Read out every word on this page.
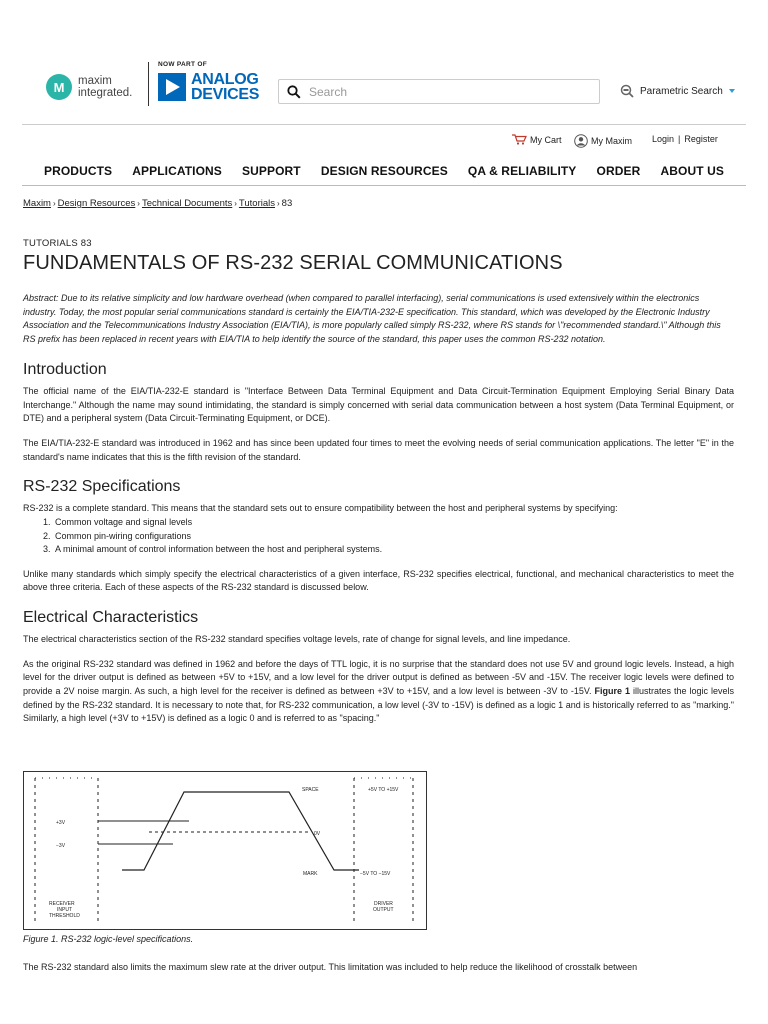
M	maxim
integrated.
NOW PART OF
ANALOG
DEVICES
Search	Parametric Search
My Cart	My Maxim Login | Register
PRODUCTS APPLICATIONS SUPPORT DESIGN RESOURCES QA & RELIABILITY ORDER ABOUT US
Maxim › Design Resources › Technical Documents › Tutorials › 83
TUTORIALS 83
FUNDAMENTALS OF RS-232 SERIAL COMMUNICATIONS
Abstract: Due to its relative simplicity and low hardware overhead (when compared to parallel interfacing), serial communications is used extensively within the electronics industry. Today, the most popular serial communications standard is certainly the EIA/TIA-232-E specification. This standard, which was developed by the Electronic Industry Association and the Telecommunications Industry Association (EIA/TIA), is more popularly called simply RS-232, where RS stands for \"recommended standard.\" Although this RS prefix has been replaced in recent years with EIA/TIA to help identify the source of the standard, this paper uses the common RS-232 notation.
Introduction

The official name of the EIA/TIA-232-E standard is "Interface Between Data Terminal Equipment and Data Circuit-Termination Equipment Employing Serial Binary Data Interchange." Although the name may sound intimidating, the standard is simply concerned with serial data communication between a host system (Data Terminal Equipment, or DTE) and a peripheral system (Data Circuit-Terminating Equipment, or DCE).

The EIA/TIA-232-E standard was introduced in 1962 and has since been updated four times to meet the evolving needs of serial communication applications. The letter "E" in the standard's name indicates that this is the fifth revision of the standard.

RS-232 Specifications

RS-232 is a complete standard. This means that the standard sets out to ensure compatibility between the host and peripheral systems by specifying:

1. Common voltage and signal levels
2. Common pin-wiring configurations
3. A minimal amount of control information between the host and peripheral systems.

Unlike many standards which simply specify the electrical characteristics of a given interface, RS-232 specifies electrical, functional, and mechanical characteristics to meet the above three criteria. Each of these aspects of the RS-232 standard is discussed below.

Electrical Characteristics

The electrical characteristics section of the RS-232 standard specifies voltage levels, rate of change for signal levels, and line impedance.

As the original RS-232 standard was defined in 1962 and before the days of TTL logic, it is no surprise that the standard does not use 5V and ground logic levels. Instead, a high level for the driver output is defined as between +5V to +15V, and a low level for the driver output is defined as between -5V and -15V. The receiver logic levels were defined to provide a 2V noise margin. As such, a high level for the receiver is defined as between +3V to +15V, and a low level is between -3V to -15V. Figure 1 illustrates the logic levels defined by the RS-232 standard. It is necessary to note that, for RS-232 communication, a low level (-3V to -15V) is defined as a logic 1 and is historically referred to as "marking." Similarly, a high level (+3V to +15V) is defined as a logic 0 and is referred to as "spacing."

+3V
−3V
0V
SPACE
MARK
+5V TO +15V
−5V TO −15V
RECEIVER
INPUT
THRESHOLD
DRIVER
OUTPUT
Figure 1. RS-232 logic-level specifications.
The RS-232 standard also limits the maximum slew rate at the driver output. This limitation was included to help reduce the likelihood of crosstalk between
